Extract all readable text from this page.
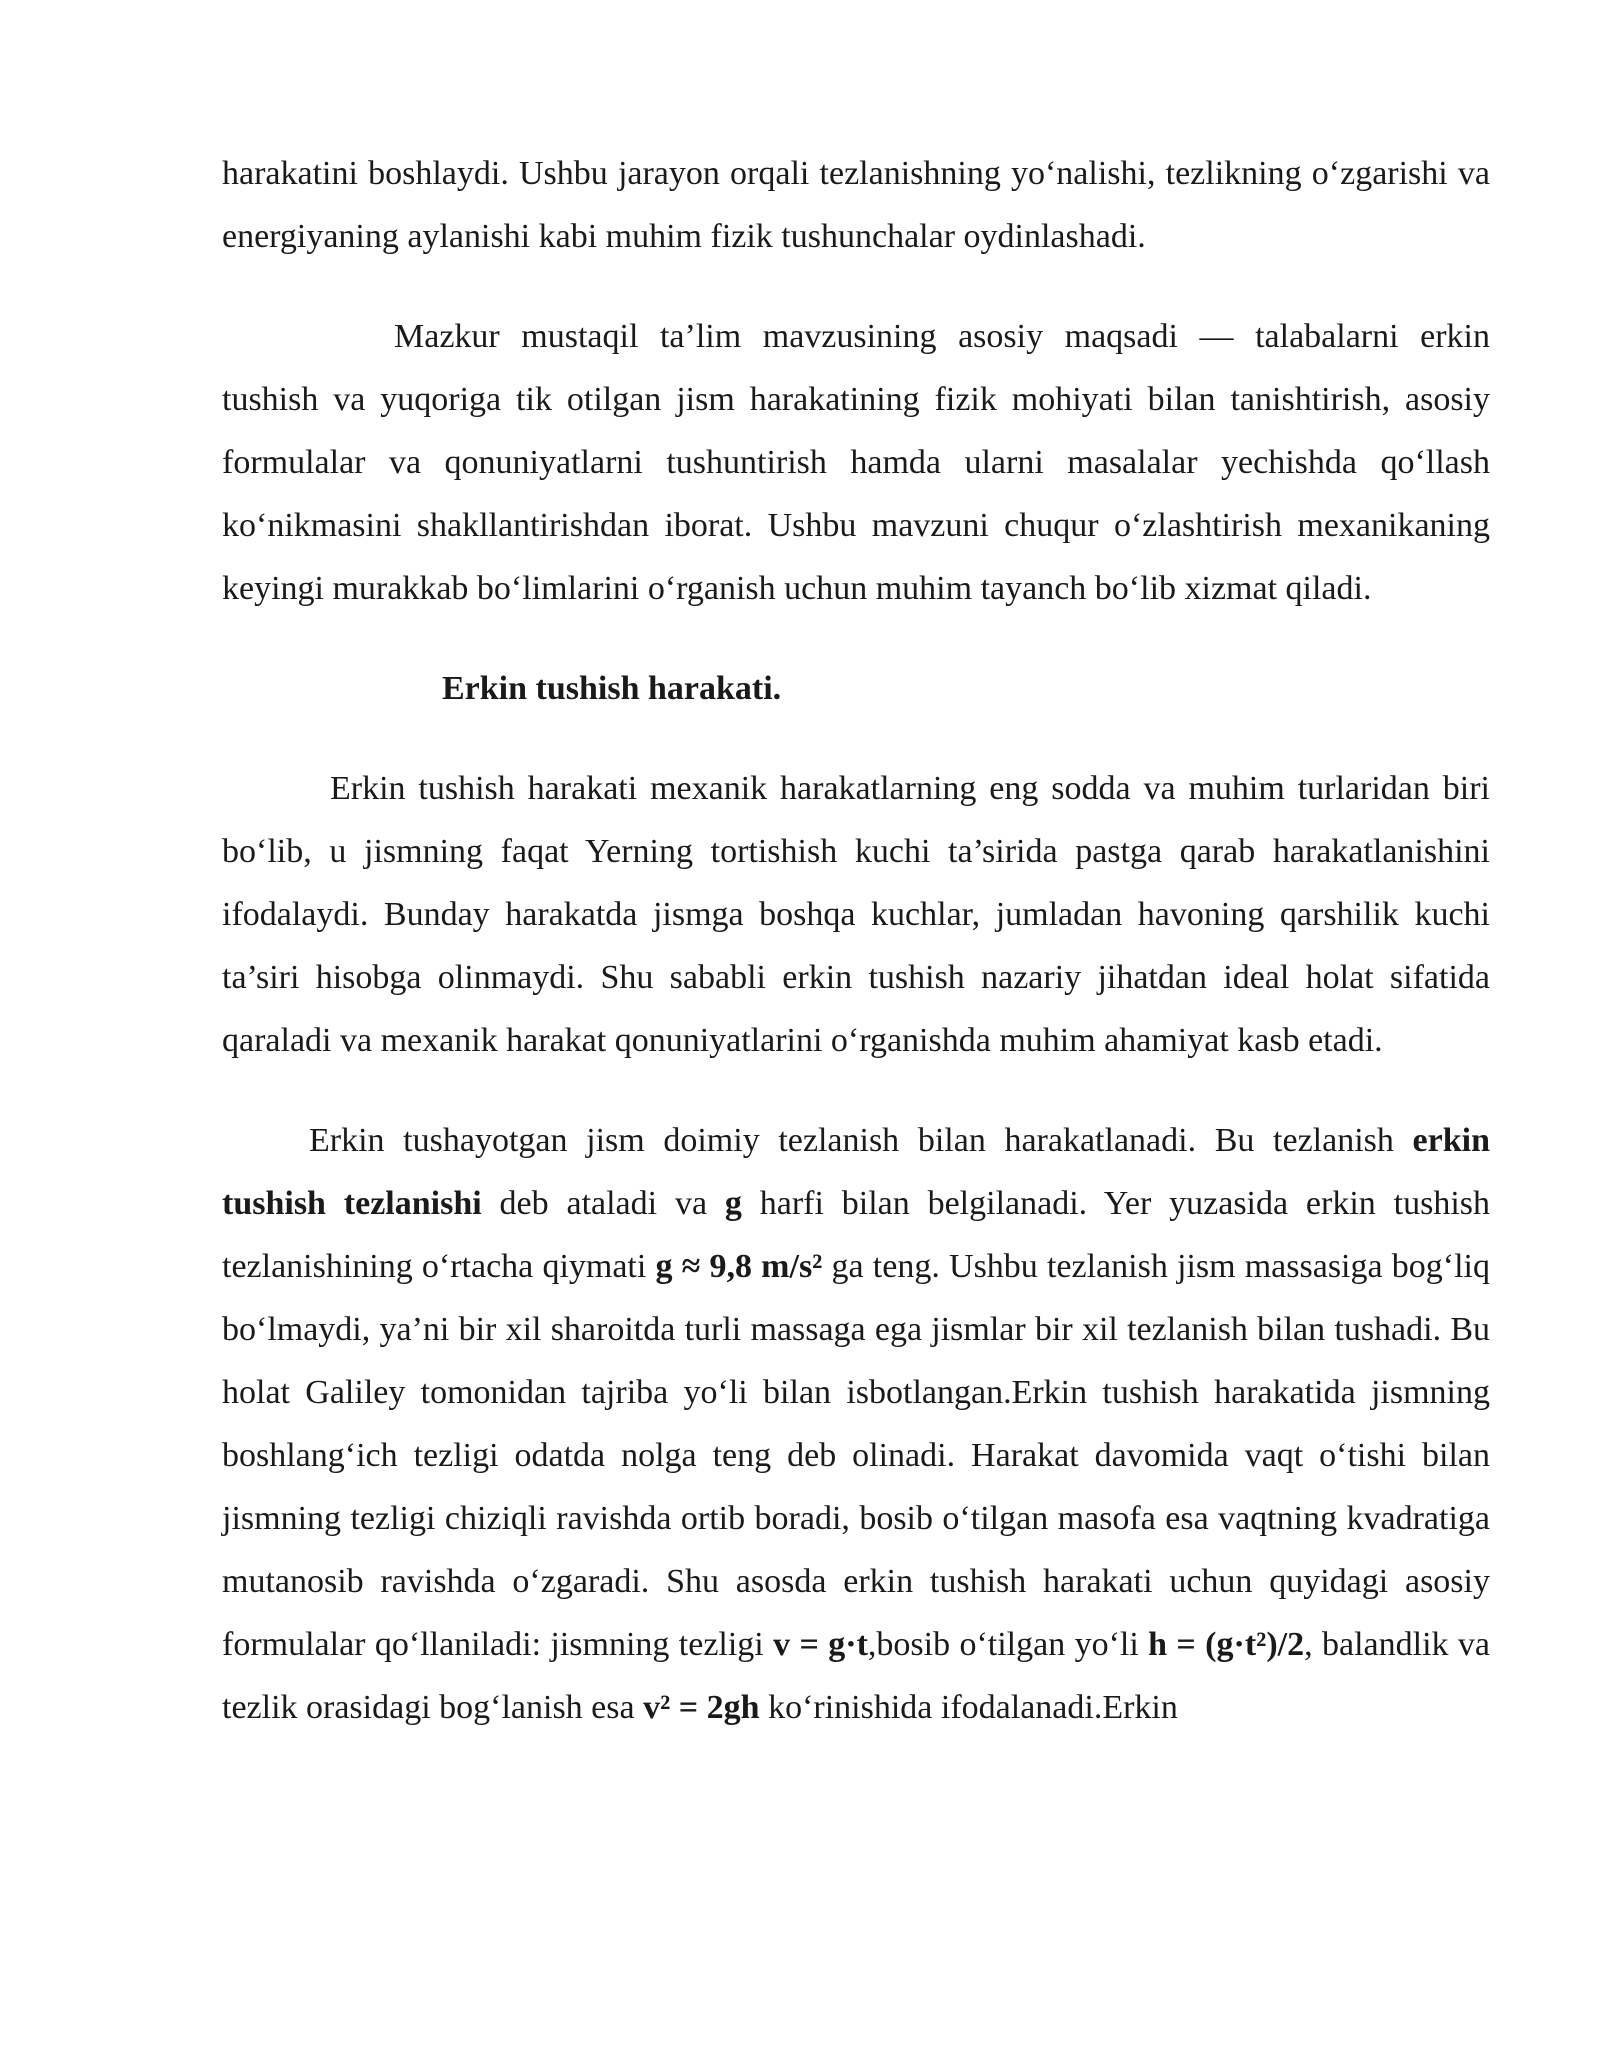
harakatini boshlaydi. Ushbu jarayon orqali tezlanishning yo‘nalishi, tezlikning o‘zgarishi va energiyaning aylanishi kabi muhim fizik tushunchalar oydinlashadi.

Mazkur mustaqil ta’lim mavzusining asosiy maqsadi — talabalarni erkin tushish va yuqoriga tik otilgan jism harakatining fizik mohiyati bilan tanishtirish, asosiy formulalar va qonuniyatlarni tushuntirish hamda ularni masalalar yechishda qo‘llash ko‘nikmasini shakllantirishdan iborat. Ushbu mavzuni chuqur o‘zlashtirish mexanikaning keyingi murakkab bo‘limlarini o‘rganish uchun muhim tayanch bo‘lib xizmat qiladi.

Erkin tushish harakati.

Erkin tushish harakati mexanik harakatlarning eng sodda va muhim turlaridan biri bo‘lib, u jismning faqat Yerning tortishish kuchi ta’sirida pastga qarab harakatlanishini ifodalaydi. Bunday harakatda jismga boshqa kuchlar, jumladan havoning qarshilik kuchi ta’siri hisobga olinmaydi. Shu sababli erkin tushish nazariy jihatdan ideal holat sifatida qaraladi va mexanik harakat qonuniyatlarini o‘rganishda muhim ahamiyat kasb etadi.

Erkin tushayotgan jism doimiy tezlanish bilan harakatlanadi. Bu tezlanish erkin tushish tezlanishi deb ataladi va g harfi bilan belgilanadi. Yer yuzasida erkin tushish tezlanishining o‘rtacha qiymati g ≈ 9,8 m/s² ga teng. Ushbu tezlanish jism massasiga bog‘liq bo‘lmaydi, ya’ni bir xil sharoitda turli massaga ega jismlar bir xil tezlanish bilan tushadi. Bu holat Galiley tomonidan tajriba yo‘li bilan isbotlangan.Erkin tushish harakatida jismning boshlang‘ich tezligi odatda nolga teng deb olinadi. Harakat davomida vaqt o‘tishi bilan jismning tezligi chiziqli ravishda ortib boradi, bosib o‘tilgan masofa esa vaqtning kvadratiga mutanosib ravishda o‘zgaradi. Shu asosda erkin tushish harakati uchun quyidagi asosiy formulalar qo‘llaniladi: jismning tezligi v = g·t,bosib o‘tilgan yo‘li h = (g·t²)/2, balandlik va tezlik orasidagi bog‘lanish esa v² = 2gh ko‘rinishida ifodalanadi.Erkin
